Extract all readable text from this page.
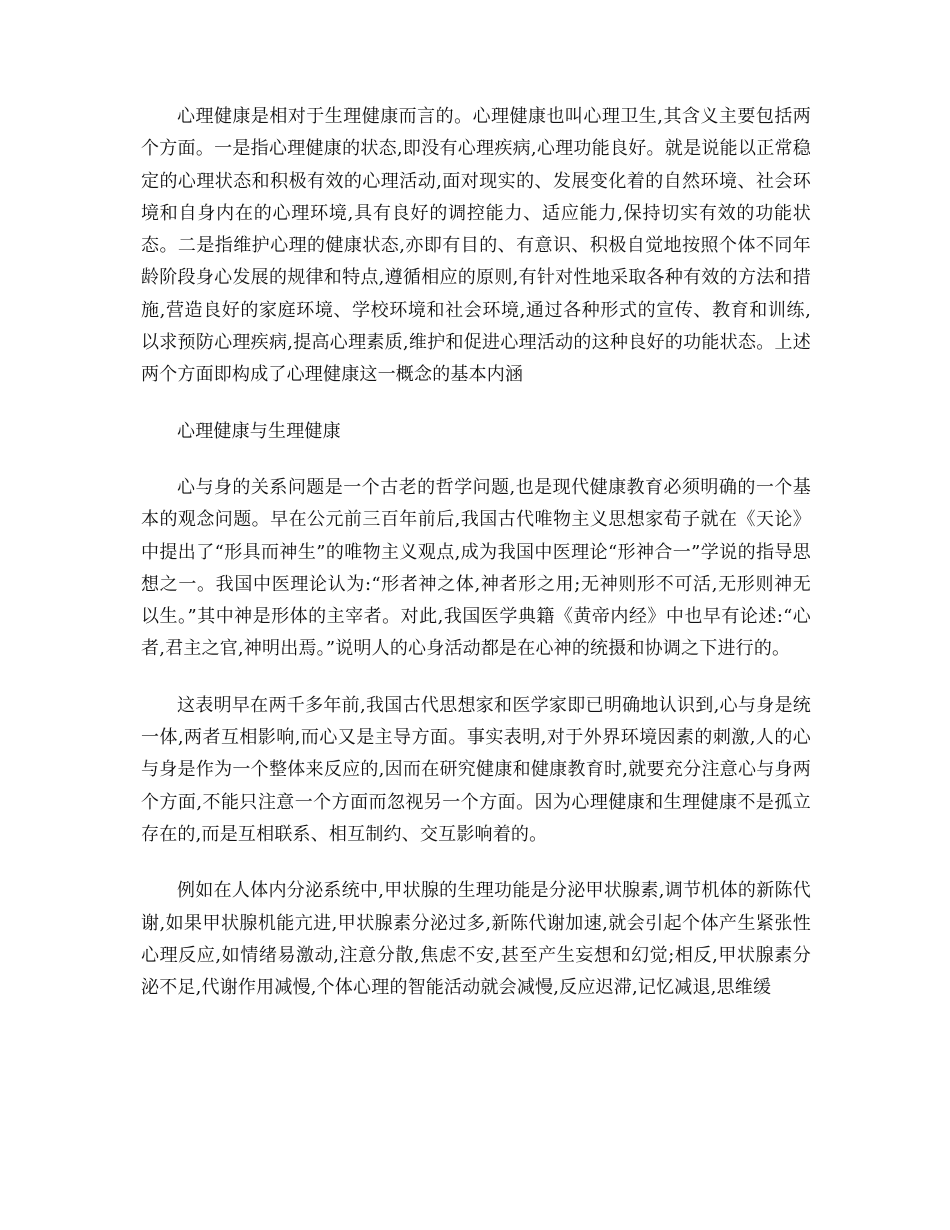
心理健康是相对于生理健康而言的。心理健康也叫心理卫生,其含义主要包括两个方面。一是指心理健康的状态,即没有心理疾病,心理功能良好。就是说能以正常稳定的心理状态和积极有效的心理活动,面对现实的、发展变化着的自然环境、社会环境和自身内在的心理环境,具有良好的调控能力、适应能力,保持切实有效的功能状态。二是指维护心理的健康状态,亦即有目的、有意识、积极自觉地按照个体不同年龄阶段身心发展的规律和特点,遵循相应的原则,有针对性地采取各种有效的方法和措施,营造良好的家庭环境、学校环境和社会环境,通过各种形式的宣传、教育和训练,以求预防心理疾病,提高心理素质,维护和促进心理活动的这种良好的功能状态。上述两个方面即构成了心理健康这一概念的基本内涵

心理健康与生理健康

心与身的关系问题是一个古老的哲学问题,也是现代健康教育必须明确的一个基本的观念问题。早在公元前三百年前后,我国古代唯物主义思想家荀子就在《天论》中提出了“形具而神生”的唯物主义观点,成为我国中医理论“形神合一”学说的指导思想之一。我国中医理论认为:“形者神之体,神者形之用;无神则形不可活,无形则神无以生。”其中神是形体的主宰者。对此,我国医学典籍《黄帝内经》中也早有论述:“心者,君主之官,神明出焉。”说明人的心身活动都是在心神的统摄和协调之下进行的。

这表明早在两千多年前,我国古代思想家和医学家即已明确地认识到,心与身是统一体,两者互相影响,而心又是主导方面。事实表明,对于外界环境因素的刺激,人的心与身是作为一个整体来反应的,因而在研究健康和健康教育时,就要充分注意心与身两个方面,不能只注意一个方面而忽视另一个方面。因为心理健康和生理健康不是孤立存在的,而是互相联系、相互制约、交互影响着的。

例如在人体内分泌系统中,甲状腺的生理功能是分泌甲状腺素,调节机体的新陈代谢,如果甲状腺机能亢进,甲状腺素分泌过多,新陈代谢加速,就会引起个体产生紧张性心理反应,如情绪易激动,注意分散,焦虑不安,甚至产生妄想和幻觉;相反,甲状腺素分泌不足,代谢作用减慢,个体心理的智能活动就会减慢,反应迟滞,记忆减退,思维缓
